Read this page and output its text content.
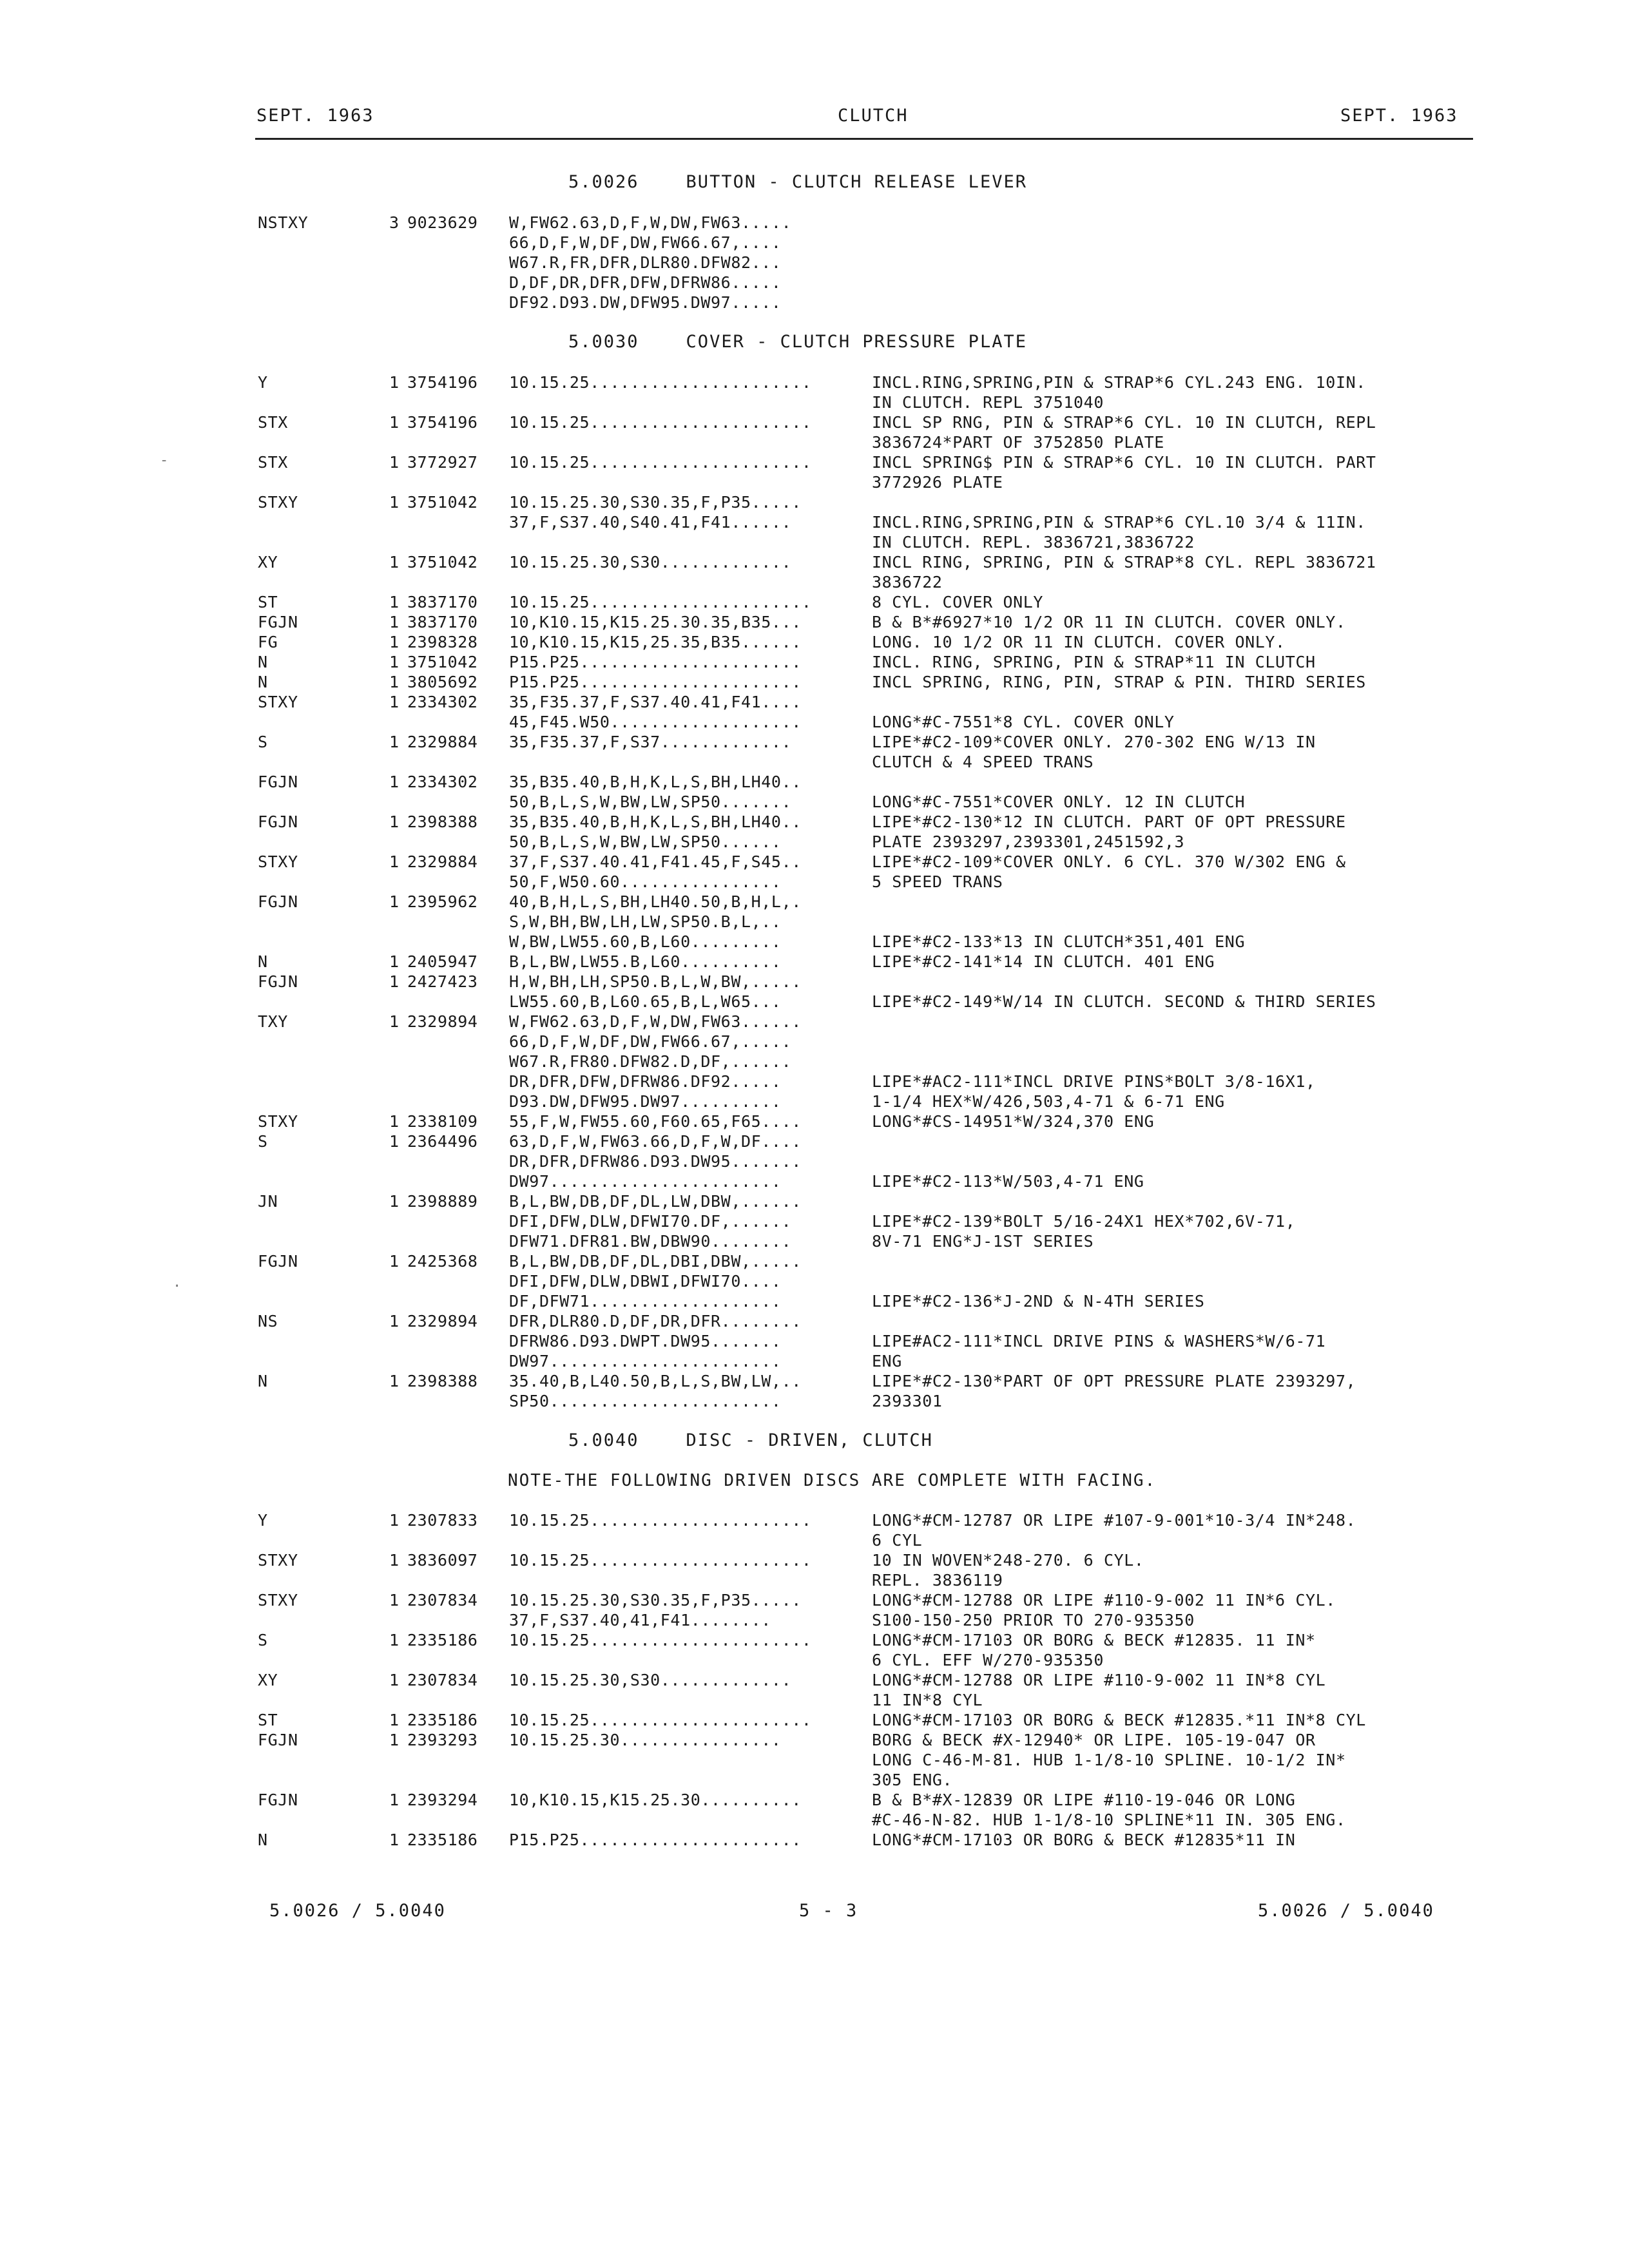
SEPT. 1963	CLUTCH	SEPT. 1963
-
·
5.0026    BUTTON - CLUTCH RELEASE LEVER
NSTXY	3 9023629 W,FW62.63,D,F,W,DW,FW63.....
66,D,F,W,DF,DW,FW66.67,....
W67.R,FR,DFR,DLR80.DFW82...
D,DF,DR,DFR,DFW,DFRW86.....
DF92.D93.DW,DFW95.DW97.....
5.0030    COVER - CLUTCH PRESSURE PLATE
Y	1 3754196 10.15.25......................	INCL.RING,SPRING,PIN & STRAP*6 CYL.243 ENG. 10IN.
IN CLUTCH. REPL 3751040
STX	1 3754196 10.15.25......................	INCL SP RNG, PIN & STRAP*6 CYL. 10 IN CLUTCH, REPL
3836724*PART OF 3752850 PLATE
STX	1 3772927 10.15.25......................	INCL SPRING$ PIN & STRAP*6 CYL. 10 IN CLUTCH. PART
3772926 PLATE
STXY	1 3751042 10.15.25.30,S30.35,F,P35.....
37,F,S37.40,S40.41,F41......	INCL.RING,SPRING,PIN & STRAP*6 CYL.10 3/4 & 11IN.
IN CLUTCH. REPL. 3836721,3836722
XY	1 3751042 10.15.25.30,S30.............	INCL RING, SPRING, PIN & STRAP*8 CYL. REPL 3836721
3836722
ST	1 3837170 10.15.25......................	8 CYL. COVER ONLY
FGJN	1 3837170 10,K10.15,K15.25.30.35,B35...	B & B*#6927*10 1/2 OR 11 IN CLUTCH. COVER ONLY.
FG	1 2398328 10,K10.15,K15,25.35,B35......	LONG. 10 1/2 OR 11 IN CLUTCH. COVER ONLY.
N	1 3751042 P15.P25......................	INCL. RING, SPRING, PIN & STRAP*11 IN CLUTCH
N	1 3805692 P15.P25......................	INCL SPRING, RING, PIN, STRAP & PIN. THIRD SERIES
STXY	1 2334302 35,F35.37,F,S37.40.41,F41....
45,F45.W50...................	LONG*#C-7551*8 CYL. COVER ONLY
S	1 2329884 35,F35.37,F,S37.............	LIPE*#C2-109*COVER ONLY. 270-302 ENG W/13 IN
CLUTCH & 4 SPEED TRANS
FGJN	1 2334302 35,B35.40,B,H,K,L,S,BH,LH40..
50,B,L,S,W,BW,LW,SP50.......	LONG*#C-7551*COVER ONLY. 12 IN CLUTCH
FGJN	1 2398388 35,B35.40,B,H,K,L,S,BH,LH40..	LIPE*#C2-130*12 IN CLUTCH. PART OF OPT PRESSURE
50,B,L,S,W,BW,LW,SP50......	PLATE 2393297,2393301,2451592,3
STXY	1 2329884 37,F,S37.40.41,F41.45,F,S45..	LIPE*#C2-109*COVER ONLY. 6 CYL. 370 W/302 ENG &
50,F,W50.60................	5 SPEED TRANS
FGJN	1 2395962 40,B,H,L,S,BH,LH40.50,B,H,L,.
S,W,BH,BW,LH,LW,SP50.B,L,..
W,BW,LW55.60,B,L60.........	LIPE*#C2-133*13 IN CLUTCH*351,401 ENG
N	1 2405947 B,L,BW,LW55.B,L60..........	LIPE*#C2-141*14 IN CLUTCH. 401 ENG
FGJN	1 2427423 H,W,BH,LH,SP50.B,L,W,BW,.....
LW55.60,B,L60.65,B,L,W65...	LIPE*#C2-149*W/14 IN CLUTCH. SECOND & THIRD SERIES
TXY	1 2329894 W,FW62.63,D,F,W,DW,FW63......
66,D,F,W,DF,DW,FW66.67,.....
W67.R,FR80.DFW82.D,DF,......
DR,DFR,DFW,DFRW86.DF92.....	LIPE*#AC2-111*INCL DRIVE PINS*BOLT 3/8-16X1,
D93.DW,DFW95.DW97..........	1-1/4 HEX*W/426,503,4-71 & 6-71 ENG
STXY	1 2338109 55,F,W,FW55.60,F60.65,F65....	LONG*#CS-14951*W/324,370 ENG
S	1 2364496 63,D,F,W,FW63.66,D,F,W,DF....
DR,DFR,DFRW86.D93.DW95.......
DW97.......................	LIPE*#C2-113*W/503,4-71 ENG
JN	1 2398889 B,L,BW,DB,DF,DL,LW,DBW,......
DFI,DFW,DLW,DFWI70.DF,......	LIPE*#C2-139*BOLT 5/16-24X1 HEX*702,6V-71,
DFW71.DFR81.BW,DBW90........	8V-71 ENG*J-1ST SERIES
FGJN	1 2425368 B,L,BW,DB,DF,DL,DBI,DBW,.....
DFI,DFW,DLW,DBWI,DFWI70....
DF,DFW71...................	LIPE*#C2-136*J-2ND & N-4TH SERIES
NS	1 2329894 DFR,DLR80.D,DF,DR,DFR........
DFRW86.D93.DWPT.DW95.......	LIPE#AC2-111*INCL DRIVE PINS & WASHERS*W/6-71
DW97.......................	ENG
N	1 2398388 35.40,B,L40.50,B,L,S,BW,LW,..	LIPE*#C2-130*PART OF OPT PRESSURE PLATE 2393297,
SP50.......................	2393301
5.0040    DISC - DRIVEN, CLUTCH
NOTE-THE FOLLOWING DRIVEN DISCS ARE COMPLETE WITH FACING.
Y	1 2307833 10.15.25......................	LONG*#CM-12787 OR LIPE #107-9-001*10-3/4 IN*248.
6 CYL
STXY	1 3836097 10.15.25......................	10 IN WOVEN*248-270. 6 CYL.
REPL. 3836119
STXY	1 2307834 10.15.25.30,S30.35,F,P35.....	LONG*#CM-12788 OR LIPE #110-9-002 11 IN*6 CYL.
37,F,S37.40,41,F41........	S100-150-250 PRIOR TO 270-935350
S	1 2335186 10.15.25......................	LONG*#CM-17103 OR BORG & BECK #12835. 11 IN*
6 CYL. EFF W/270-935350
XY	1 2307834 10.15.25.30,S30.............	LONG*#CM-12788 OR LIPE #110-9-002 11 IN*8 CYL
11 IN*8 CYL
ST	1 2335186 10.15.25......................	LONG*#CM-17103 OR BORG & BECK #12835.*11 IN*8 CYL
FGJN	1 2393293 10.15.25.30................	BORG & BECK #X-12940* OR LIPE. 105-19-047 OR
LONG C-46-M-81. HUB 1-1/8-10 SPLINE. 10-1/2 IN*
305 ENG.
FGJN	1 2393294 10,K10.15,K15.25.30..........	B & B*#X-12839 OR LIPE #110-19-046 OR LONG
#C-46-N-82. HUB 1-1/8-10 SPLINE*11 IN. 305 ENG.
N	1 2335186 P15.P25......................	LONG*#CM-17103 OR BORG & BECK #12835*11 IN
5.0026 / 5.0040	5 - 3	5.0026 / 5.0040
